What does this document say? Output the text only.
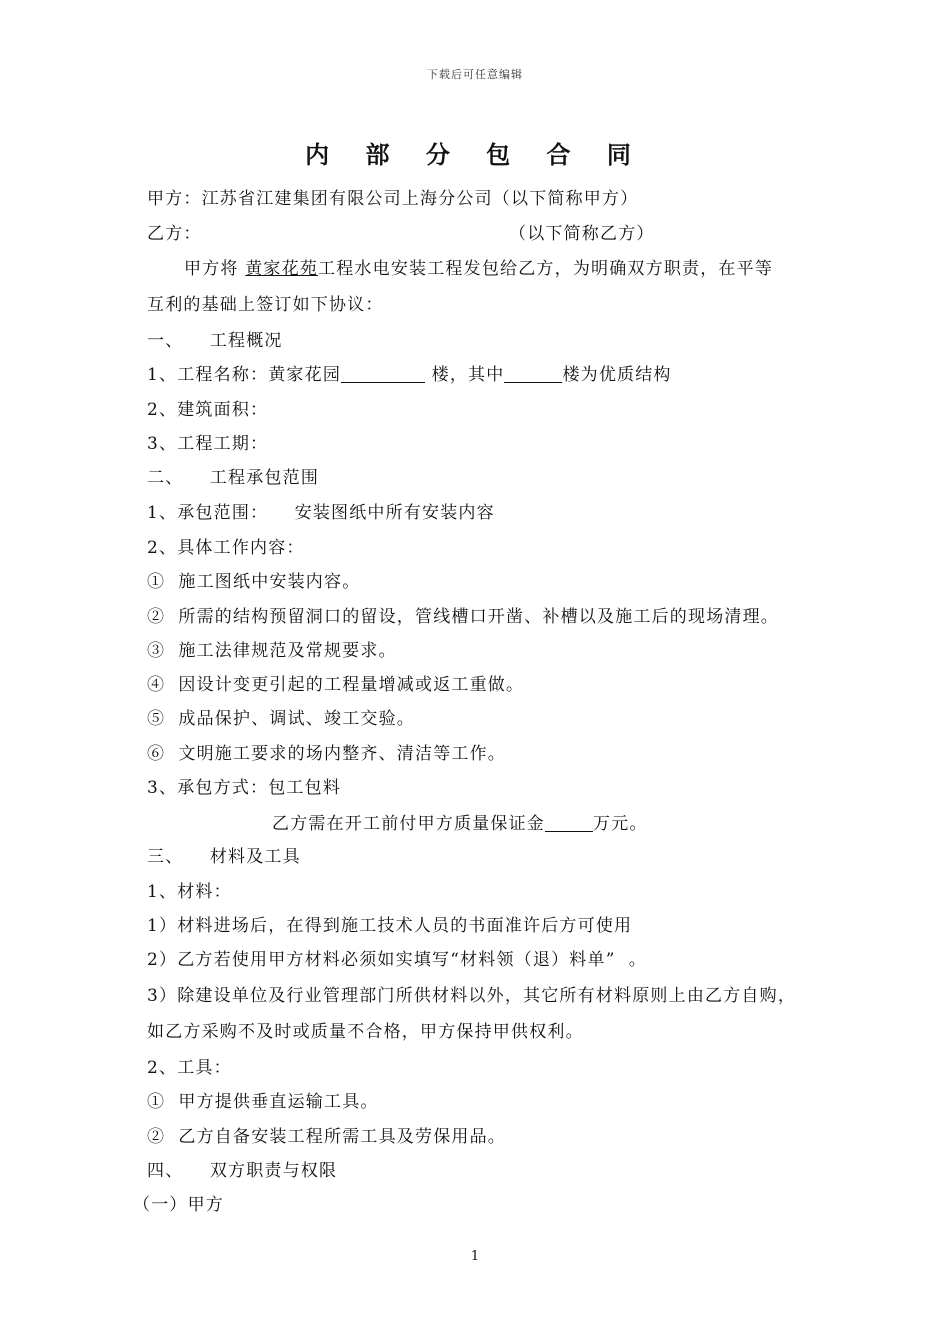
下载后可任意编辑
内 部 分 包 合 同
甲方：江苏省江建集团有限公司上海分公司（以下简称甲方）
乙方：	（以下简称乙方）
甲方将 黄家花苑工程水电安装工程发包给乙方，为明确双方职责，在平等
互利的基础上签订如下协议：
一、    工程概况
1、工程名称：黄家花园	楼，其中	楼为优质结构
2、建筑面积：
3、工程工期：
二、    工程承包范围
1、承包范围：    安装图纸中所有安装内容
2、具体工作内容：
①  施工图纸中安装内容。
②  所需的结构预留洞口的留设，管线槽口开凿、补槽以及施工后的现场清理。
③  施工法律规范及常规要求。
④  因设计变更引起的工程量增减或返工重做。
⑤  成品保护、调试、竣工交验。
⑥  文明施工要求的场内整齐、清洁等工作。
3、承包方式：包工包料
乙方需在开工前付甲方质量保证金	万元。
三、    材料及工具
1、材料：
1）材料进场后，在得到施工技术人员的书面准许后方可使用
2）乙方若使用甲方材料必须如实填写“材料领（退）料单”  。
3）除建设单位及行业管理部门所供材料以外，其它所有材料原则上由乙方自购，
如乙方采购不及时或质量不合格，甲方保持甲供权利。
2、工具：
①  甲方提供垂直运输工具。
②  乙方自备安装工程所需工具及劳保用品。
四、    双方职责与权限
（一）甲方
1
